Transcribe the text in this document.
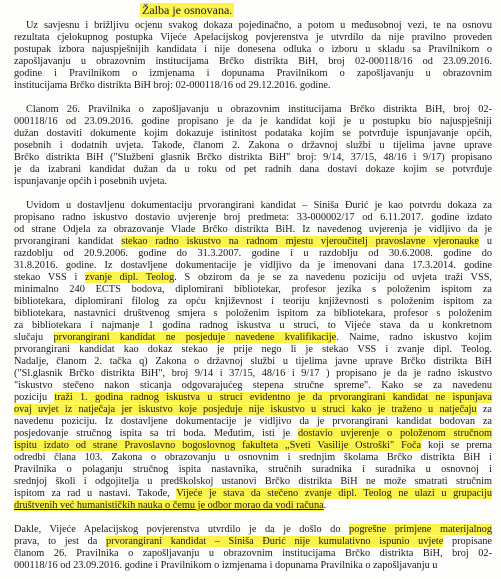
Žalba je osnovana.
Uz savjesnu i brižljivu ocjenu svakog dokaza pojedinačno, a potom u međusobnoj vezi, te na osnovu
rezultata cjelokupnog postupka Vijeće Apelacijskog povjerenstva je utvrdilo da nije pravilno proveden
postupak izbora najuspješnijih kandidata i nije donesena odluka o izboru u skladu sa Pravilnikom o
zapošljavanju u obrazovnim institucijama Brčko distrikta BiH, broj 02-000118/16 od 23.09.2016.
godine i Pravilnikom o izmjenama i dopunama Pravilnikom o zapošljavanju u obrazovnim
institucijama Brčko distrikta BiH broj: 02-000118/16 od 29.12.2016. godine.
Članom 26. Pravilnika o zapošljavanju u obrazovnim institucijama Brčko distrikta BiH, broj 02-
000118/16 od 23.09.2016. godine propisano je da je kandidat koji je u postupku bio najuspješniji
dužan dostaviti dokumente kojim dokazuje istinitost podataka kojim se potvrđuje ispunjavanje općih,
posebnih i dodatnih uvjeta. Takođe, članom 2. Zakona o državnoj službi u tijelima javne uprave
Brčko distrikta BiH ("Službeni glasnik Brčko distrikta BiH" broj: 9/14, 37/15, 48/16 i 9/17) propisano
je da izabrani kandidat dužan da u roku od pet radnih dana dostavi dokaze kojim se potvrđuje
ispunjavanje općih i posebnih uvjeta.
Uvidom u dostavljenu dokumentaciju prvorangirani kandidat – Siniša Đurić je kao potvrdu dokaza za
propisano radno iskustvo dostavio uvjerenje broj predmeta: 33-000002/17 od 6.11.2017. godine izdato
od strane Odjela za obrazovanje Vlade Brčko distrikta BiH. Iz navedenog uvjerenja je vidljivo da je
prvorangirani kandidat stekao radno iskustvo na radnom mjestu vjeroučitelj pravoslavne vjeronauke u
razdoblju od 20.9.2006. godine do 31.3.2007. godine i u razdoblju od 30.6.2008. godine do
31.8.2016. godine. Iz dostavljene dokumentacije je vidljivo da je imenovani dana 17.3.2014. godine
stekao VSS i zvanje dipl. Teolog. S obzirom da je se za navedenu poziciju od uvjeta traži VSS,
minimalno 240 ECTS bodova, diplomirani bibliotekar, profesor jezika s položenim ispitom za
bibliotekara, diplomirani filolog za opću književnost i teoriju književnosti s položenim ispitom za
bibliotekara, nastavnici društvenog smjera s položenim ispitom za bibliotekara, profesor s položenim
za bibliotekara i najmanje 1 godina radnog iskustva u struci, to Vijeće stava da u konkretnom
slučaju prvorangirani kandidat ne posjeduje navedene kvalifikacije. Naime, radno iskustvo kojim
prvorangirani kandidat kao dokaz stekao je prije nego li je stekao VSS i zvanje dipl. Teolog.
Nadalje, članom 2. tačka q) Zakona o državnoj službi u tijelima javne uprave Brčko distrikta BiH
("Sl.glasnik Brčko distrikta BiH", broj 9/14 i 37/15, 48/16 i 9/17 ) propisano je da je radno iskustvo
"iskustvo stečeno nakon sticanja odgovarajućeg stepena stručne spreme". Kako se za navedenu
poziciju traži 1. godina radnog iskustva u struci evidentno je da prvorangirani kandidat ne ispunjava
ovaj uvjet iz natječaja jer iskustvo koje posjeduje nije iskustvo u struci kako je traženo u natječaju za
navedenu poziciju. Iz dostavljene dokumentacije je vidljivo da je prvorangirani kandidat bodovan za
posjedovanje stručnog ispita sa tri boda. Međutim, isti je dostavio uvjerenje o položenom stručnom
ispitu izdato od strane Pravoslavno bogoslovnog fakulteta „Sveti Vasilije Ostroški" Foča koji se prema
odredbi člana 103. Zakona o obrazovanju u osnovnim i srednjim školama Brčko distrikta BiH i
Pravilnika o polaganju stručnog ispita nastavnika, stručnih suradnika i suradnika u osnovnoj i
srednjoj školi i odgojitelja u predškolskoj ustanovi Brčko distrikta BiH ne može smatrati stručnim
ispitom za rad u nastavi. Takođe, Vijeće je stava da stečeno zvanje dipl. Teolog ne ulazi u grupaciju
društvenih već humanističkih nauka o čemu je odbor morao da vodi računa.
Dakle, Vijeće Apelacijskog povjerenstva utvrdilo je da je došlo do pogrešne primjene materijalnog
prava, to jest da prvorangirani kandidat – Siniša Đurić nije kumulativno ispunio uvjete propisane
članom 26. Pravilnika o zapošljavanju u obrazovnim institucijama Brčko distrikta BiH, broj 02-
000118/16 od 23.09.2016. godine i Pravilnikom o izmjenama i dopunama Pravilnika o zapošljavanju u
